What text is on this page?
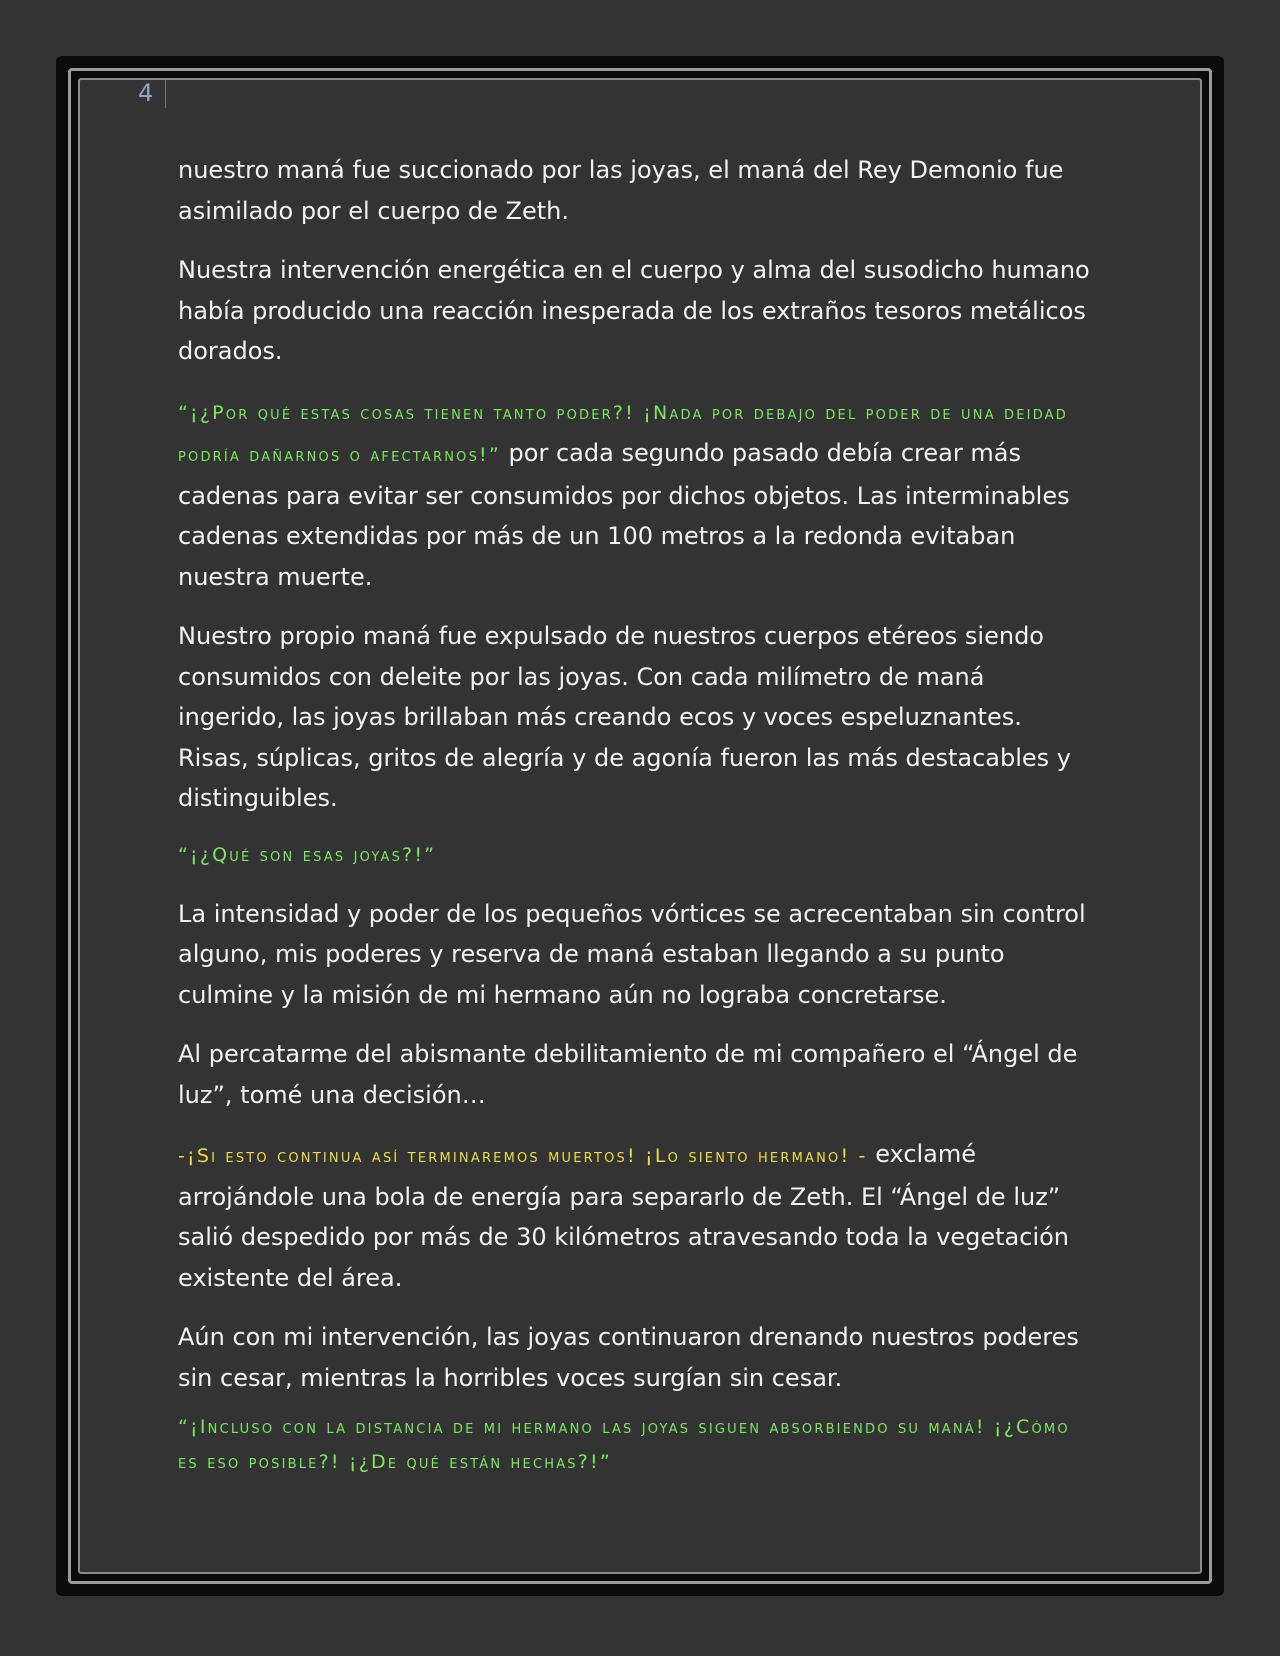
4

nuestro maná fue succionado por las joyas, el maná del Rey Demonio fue asimilado por el cuerpo de Zeth.

Nuestra intervención energética en el cuerpo y alma del susodicho humano había producido una reacción inesperada de los extraños tesoros metálicos dorados.

“¡¿Por qué estas cosas tienen tanto poder?! ¡Nada por debajo del poder de una deidad podría dañarnos o afectarnos!” por cada segundo pasado debía crear más cadenas para evitar ser consumidos por dichos objetos. Las interminables cadenas extendidas por más de un 100 metros a la redonda evitaban nuestra muerte.

Nuestro propio maná fue expulsado de nuestros cuerpos etéreos siendo consumidos con deleite por las joyas. Con cada milímetro de maná ingerido, las joyas brillaban más creando ecos y voces espeluznantes. Risas, súplicas, gritos de alegría y de agonía fueron las más destacables y distinguibles.

“¡¿Qué son esas joyas?!”

La intensidad y poder de los pequeños vórtices se acrecentaban sin control alguno, mis poderes y reserva de maná estaban llegando a su punto culmine y la misión de mi hermano aún no lograba concretarse.

Al percatarme del abismante debilitamiento de mi compañero el “Ángel de luz”, tomé una decisión…

-¡Si esto continua así terminaremos muertos! ¡Lo siento hermano! - exclamé arrojándole una bola de energía para separarlo de Zeth. El “Ángel de luz” salió despedido por más de 30 kilómetros atravesando toda la vegetación existente del área.

Aún con mi intervención, las joyas continuaron drenando nuestros poderes sin cesar, mientras la horribles voces surgían sin cesar.

“¡Incluso con la distancia de mi hermano las joyas siguen absorbiendo su maná! ¡¿Cómo es eso posible?! ¡¿De qué están hechas?!”
